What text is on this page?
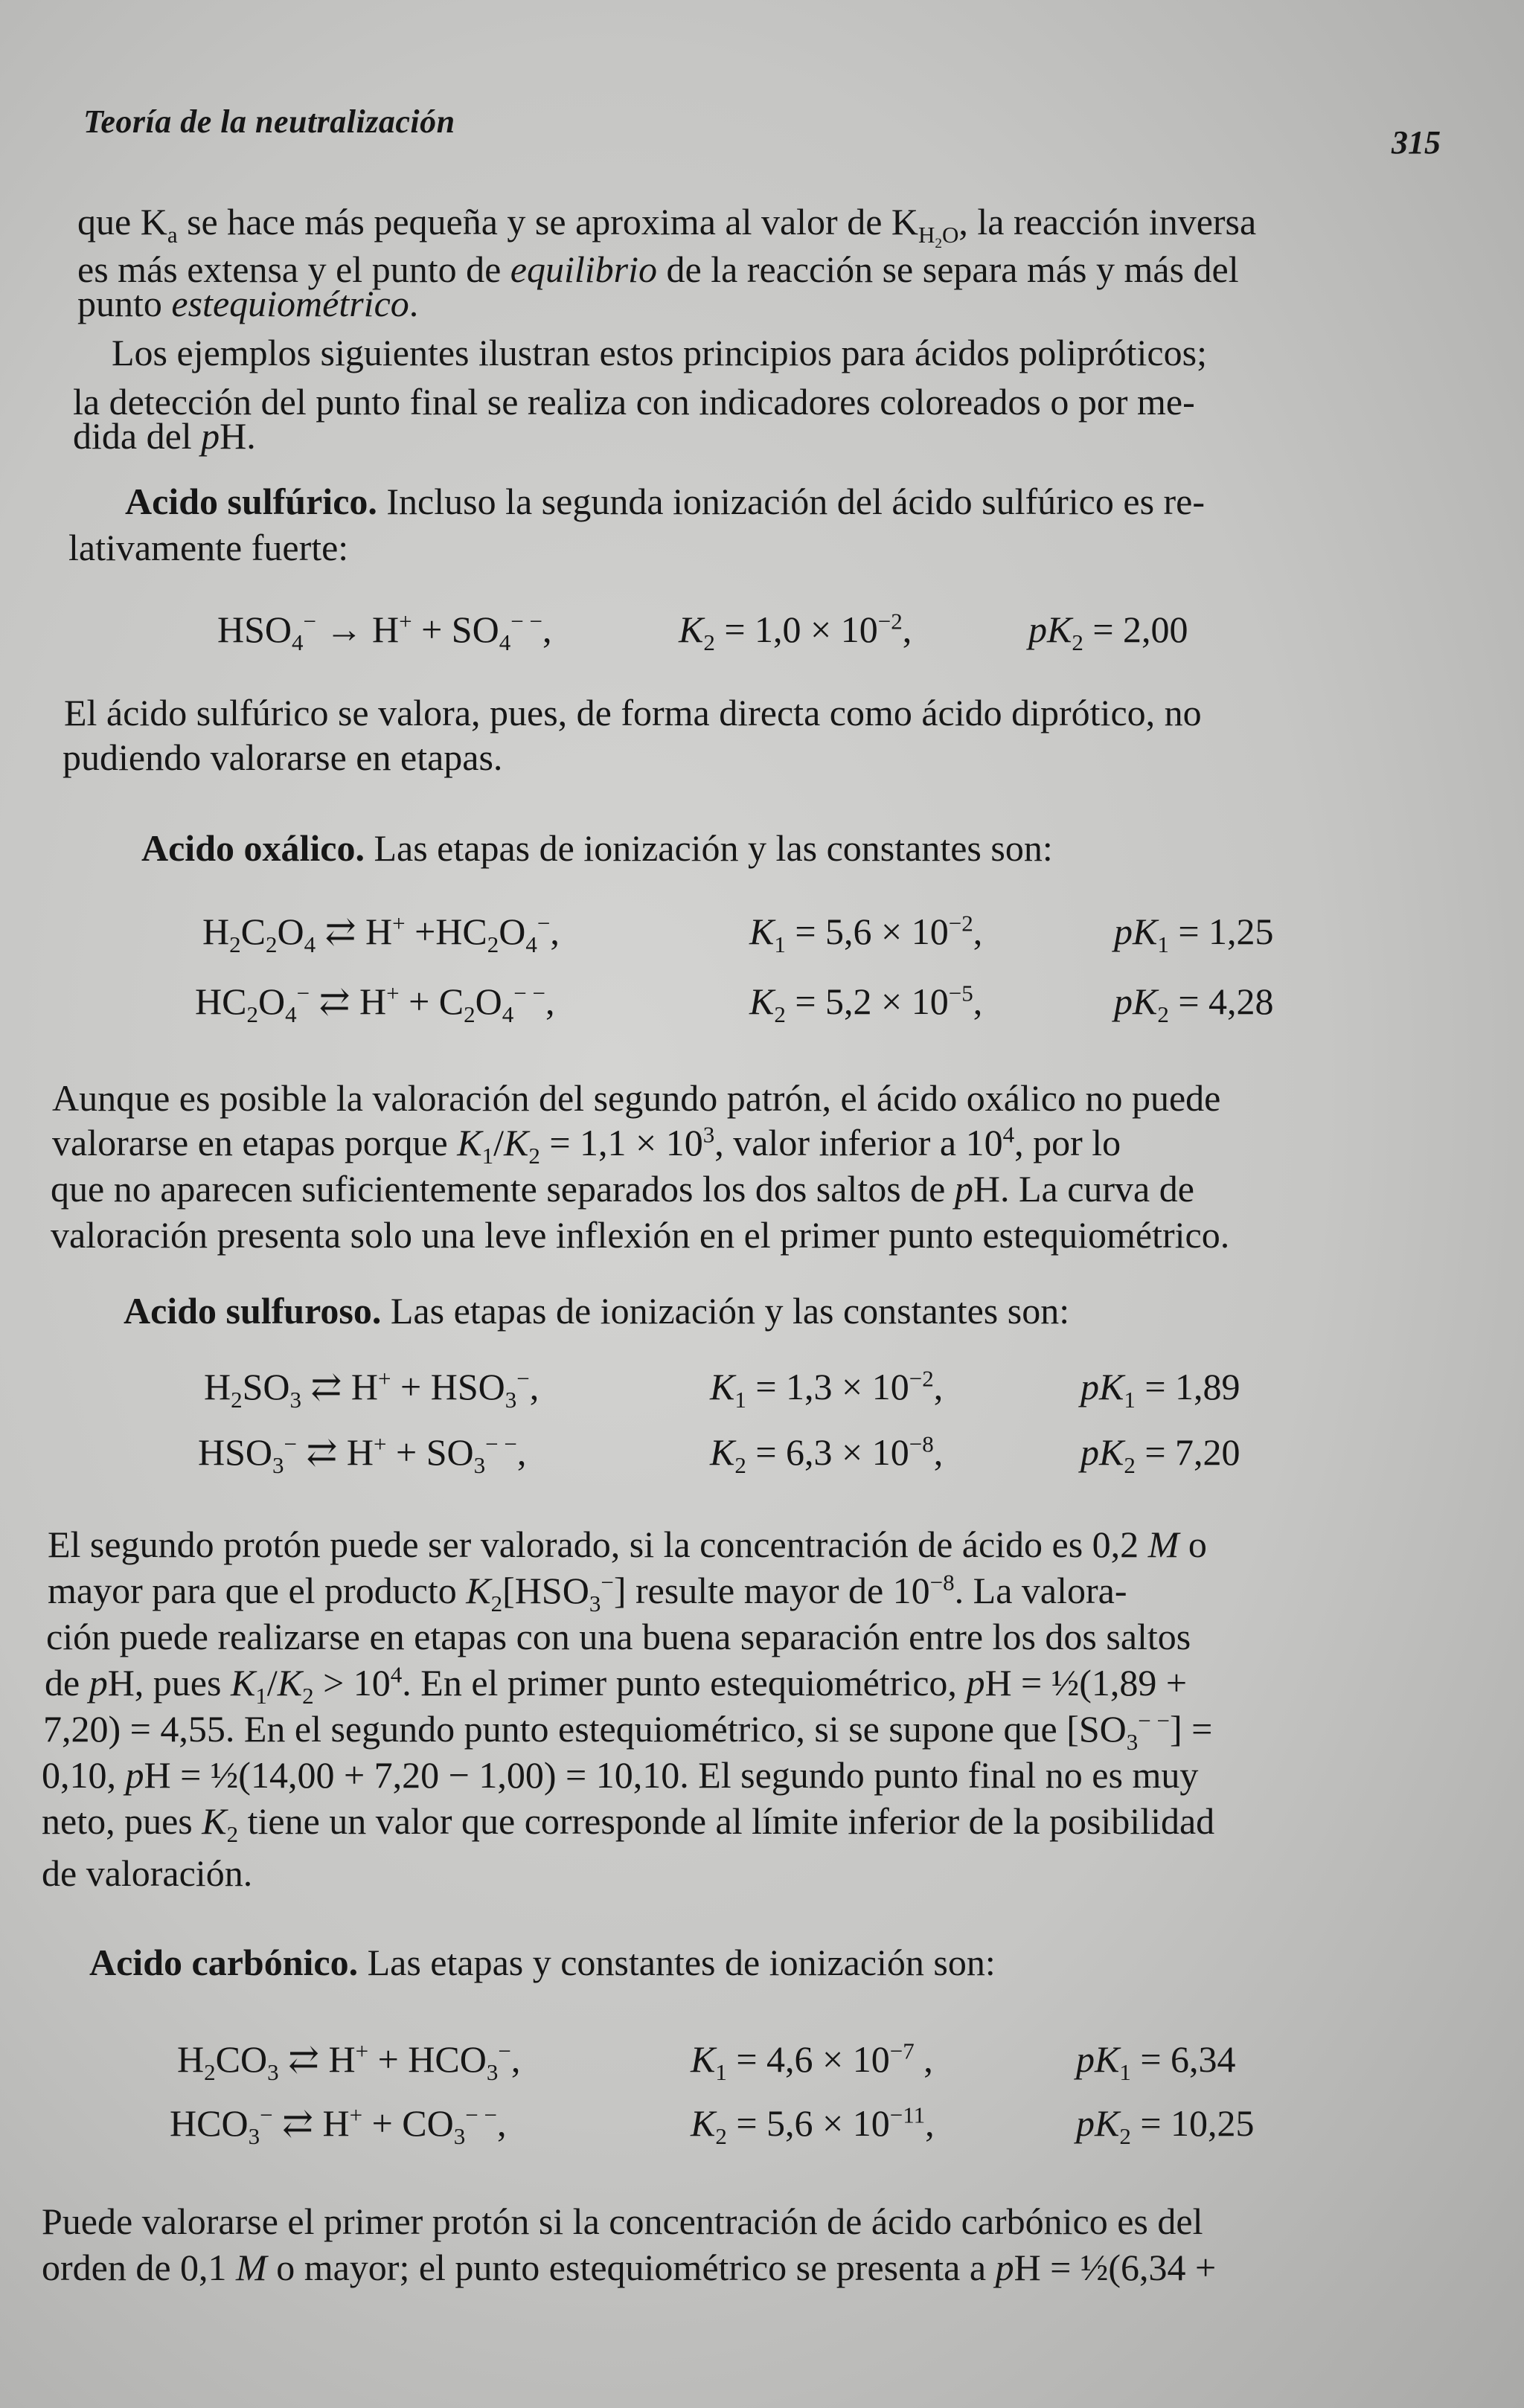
Teoría de la neutralización
315
que $K_a$ se hace más pequeña y se aproxima al valor de $K_{H_2O}$, la reacción inversa
es más extensa y el punto de equilibrio de la reacción se separa más y más del
punto estequiométrico.
Los ejemplos siguientes ilustran estos principios para ácidos polipróticos;
la detección del punto final se realiza con indicadores coloreados o por me-
dida del pH.
Acido sulfúrico. Incluso la segunda ionización del ácido sulfúrico es re-
lativamente fuerte:
$HSO_4^- \to H^+ + SO_4^{- -}$,	$K_2 = 1,0 \times 10^{-2}$,	$pK_2 = 2,00$
El ácido sulfúrico se valora, pues, de forma directa como ácido diprótico, no
pudiendo valorarse en etapas.
Acido oxálico. Las etapas de ionización y las constantes son:
$H_2C_2O_4$ ⇄ $H^+ +HC_2O_4^-$,	$K_1 = 5,6 \times 10^{-2}$,	$pK_1 = 1,25$
$HC_2O_4^-$ ⇄ $H^+ + C_2O_4^{- -}$,	$K_2 = 5,2 \times 10^{-5}$,	$pK_2 = 4,28$
Aunque es posible la valoración del segundo patrón, el ácido oxálico no puede
valorarse en etapas porque $K_1/K_2 = 1,1 \times 10^3$, valor inferior a $10^4$, por lo
que no aparecen suficientemente separados los dos saltos de pH. La curva de
valoración presenta solo una leve inflexión en el primer punto estequiométrico.
Acido sulfuroso. Las etapas de ionización y las constantes son:
$H_2SO_3$ ⇄ $H^+ + HSO_3^-$,	$K_1 = 1,3 \times 10^{-2}$,	$pK_1 = 1,89$
$HSO_3^-$ ⇄ $H^+ + SO_3^{- -}$,	$K_2 = 6,3 \times 10^{-8}$,	$pK_2 = 7,20$
El segundo protón puede ser valorado, si la concentración de ácido es 0,2 M o
mayor para que el producto $K_2[HSO_3^-]$ resulte mayor de $10^{-8}$. La valora-
ción puede realizarse en etapas con una buena separación entre los dos saltos
de pH, pues $K_1/K_2 > 10^4$. En el primer punto estequiométrico, pH = ½(1,89 +
7,20) = 4,55. En el segundo punto estequiométrico, si se supone que $[SO_3^{- -}]$ =
0,10, pH = ½(14,00 + 7,20 − 1,00) = 10,10. El segundo punto final no es muy
neto, pues $K_2$ tiene un valor que corresponde al límite inferior de la posibilidad
de valoración.
Acido carbónico. Las etapas y constantes de ionización son:
$H_2CO_3$ ⇄ $H^+ + HCO_3^-$,	$K_1 = 4,6 \times 10^{-7}$ ,	$pK_1 = 6,34$
$HCO_3^-$ ⇄ $H^+ + CO_3^{- -}$,	$K_2 = 5,6 \times 10^{-11}$,	$pK_2 = 10,25$
Puede valorarse el primer protón si la concentración de ácido carbónico es del
orden de 0,1 M o mayor; el punto estequiométrico se presenta a pH = ½(6,34 +
